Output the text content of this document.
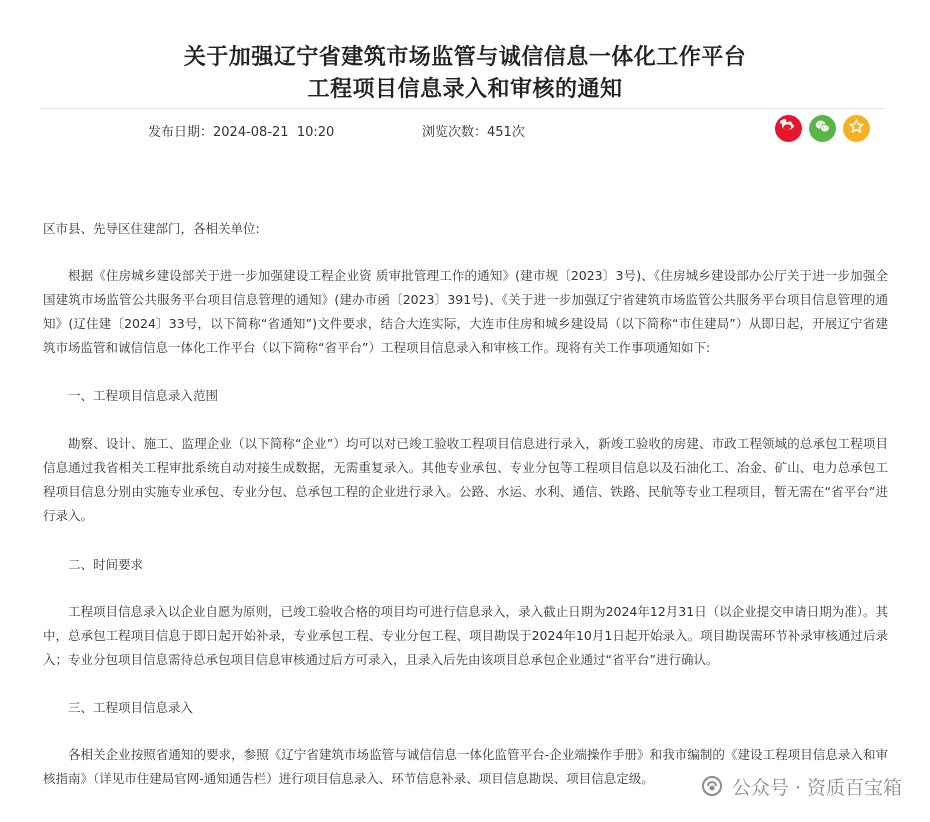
关于加强辽宁省建筑市场监管与诚信信息一体化工作平台
工程项目信息录入和审核的通知
发布日期：2024-08-21  10:20	浏览次数：451次

区市县、先导区住建部门，各相关单位:

根据《住房城乡建设部关于进一步加强建设工程企业资 质审批管理工作的通知》(建市规〔2023〕3号)、《住房城乡建设部办公厅关于进一步加强全国建筑市场监管公共服务平台项目信息管理的通知》(建办市函〔2023〕391号)、《关于进一步加强辽宁省建筑市场监管公共服务平台项目信息管理的通知》(辽住建〔2024〕33号，以下简称“省通知”)文件要求，结合大连实际，大连市住房和城乡建设局（以下简称“市住建局”）从即日起，开展辽宁省建筑市场监管和诚信信息一体化工作平台（以下简称“省平台”）工程项目信息录入和审核工作。现将有关工作事项通知如下:

一、工程项目信息录入范围

勘察、设计、施工、监理企业（以下简称“企业”）均可以对已竣工验收工程项目信息进行录入，新竣工验收的房建、市政工程领域的总承包工程项目信息通过我省相关工程审批系统自动对接生成数据，无需重复录入。其他专业承包、专业分包等工程项目信息以及石油化工、冶金、矿山、电力总承包工程项目信息分别由实施专业承包、专业分包、总承包工程的企业进行录入。公路、水运、水利、通信、铁路、民航等专业工程项目，暂无需在“省平台”进行录入。

二、时间要求

工程项目信息录入以企业自愿为原则，已竣工验收合格的项目均可进行信息录入，录入截止日期为2024年12月31日（以企业提交申请日期为准）。其中，总承包工程项目信息于即日起开始补录，专业承包工程、专业分包工程、项目勘误于2024年10月1日起开始录入。项目勘误需环节补录审核通过后录入；专业分包项目信息需待总承包项目信息审核通过后方可录入，且录入后先由该项目总承包企业通过“省平台”进行确认。

三、工程项目信息录入

各相关企业按照省通知的要求，参照《辽宁省建筑市场监管与诚信信息一体化监管平台-企业端操作手册》和我市编制的《建设工程项目信息录入和审核指南》（详见市住建局官网-通知通告栏）进行项目信息录入、环节信息补录、项目信息勘误、项目信息定级。	公众号 · 资质百宝箱
